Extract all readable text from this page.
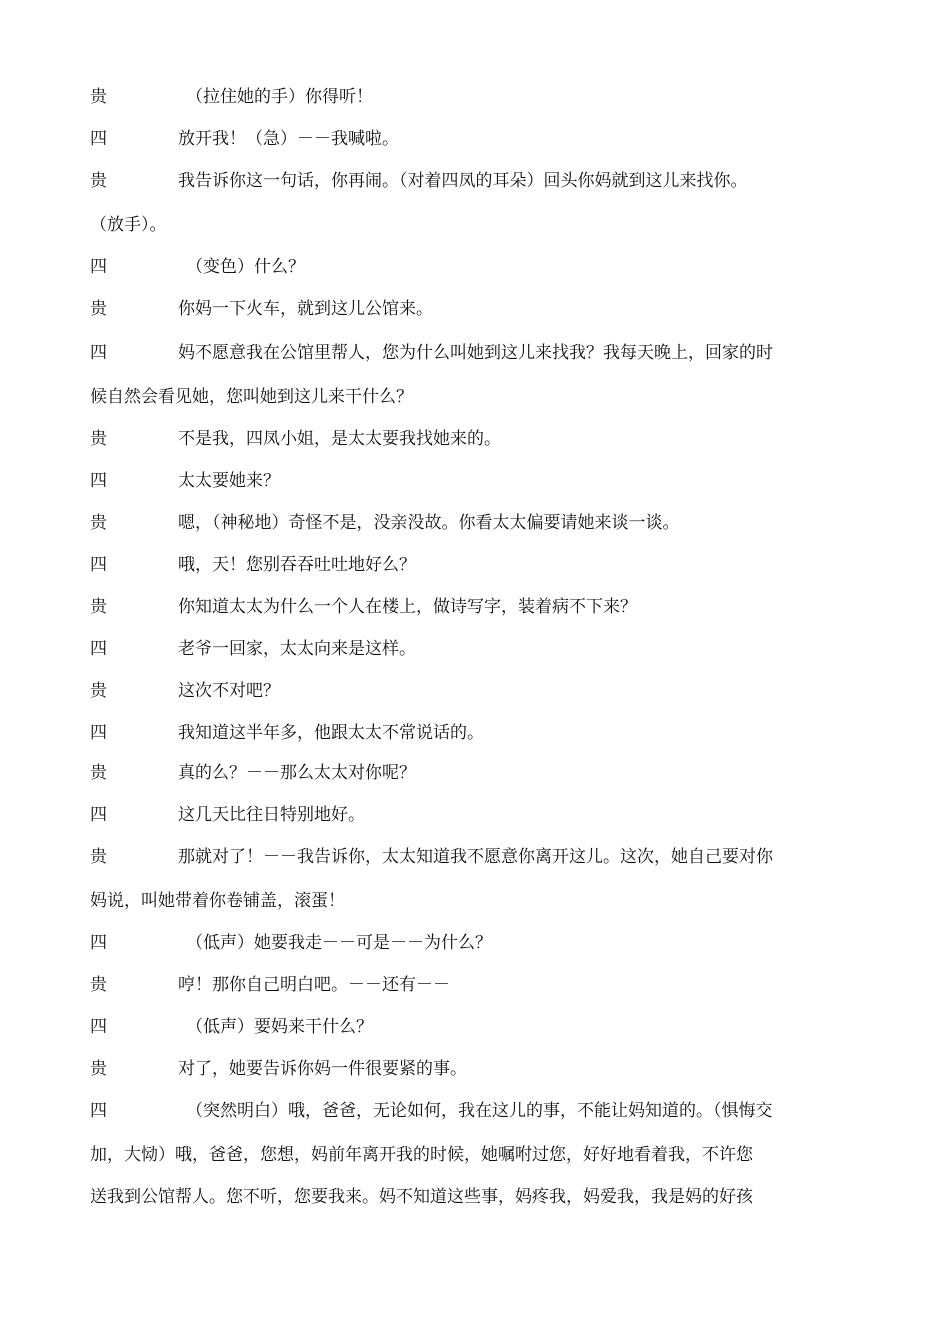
贵	（拉住她的手）你得听！
四	放开我！（急）－－我喊啦。
贵	我告诉你这一句话，你再闹。（对着四凤的耳朵）回头你妈就到这儿来找你。
（放手）。
四	（变色）什么？
贵	你妈一下火车，就到这儿公馆来。
四	妈不愿意我在公馆里帮人，您为什么叫她到这儿来找我？我每天晚上，回家的时
候自然会看见她，您叫她到这儿来干什么？
贵	不是我，四凤小姐，是太太要我找她来的。
四	太太要她来？
贵	嗯，（神秘地）奇怪不是，没亲没故。你看太太偏要请她来谈一谈。
四	哦，天！您别吞吞吐吐地好么？
贵	你知道太太为什么一个人在楼上，做诗写字，装着病不下来？
四	老爷一回家，太太向来是这样。
贵	这次不对吧？
四	我知道这半年多，他跟太太不常说话的。
贵	真的么？－－那么太太对你呢？
四	这几天比往日特别地好。
贵	那就对了！－－我告诉你，太太知道我不愿意你离开这儿。这次，她自己要对你
妈说，叫她带着你卷铺盖，滚蛋！
四	（低声）她要我走－－可是－－为什么？
贵	哼！那你自己明白吧。－－还有－－
四	（低声）要妈来干什么？
贵	对了，她要告诉你妈一件很要紧的事。
四	（突然明白）哦，爸爸，无论如何，我在这儿的事，不能让妈知道的。（惧悔交
加，大恸）哦，爸爸，您想，妈前年离开我的时候，她嘱咐过您，好好地看着我，不许您
送我到公馆帮人。您不听，您要我来。妈不知道这些事，妈疼我，妈爱我，我是妈的好孩
